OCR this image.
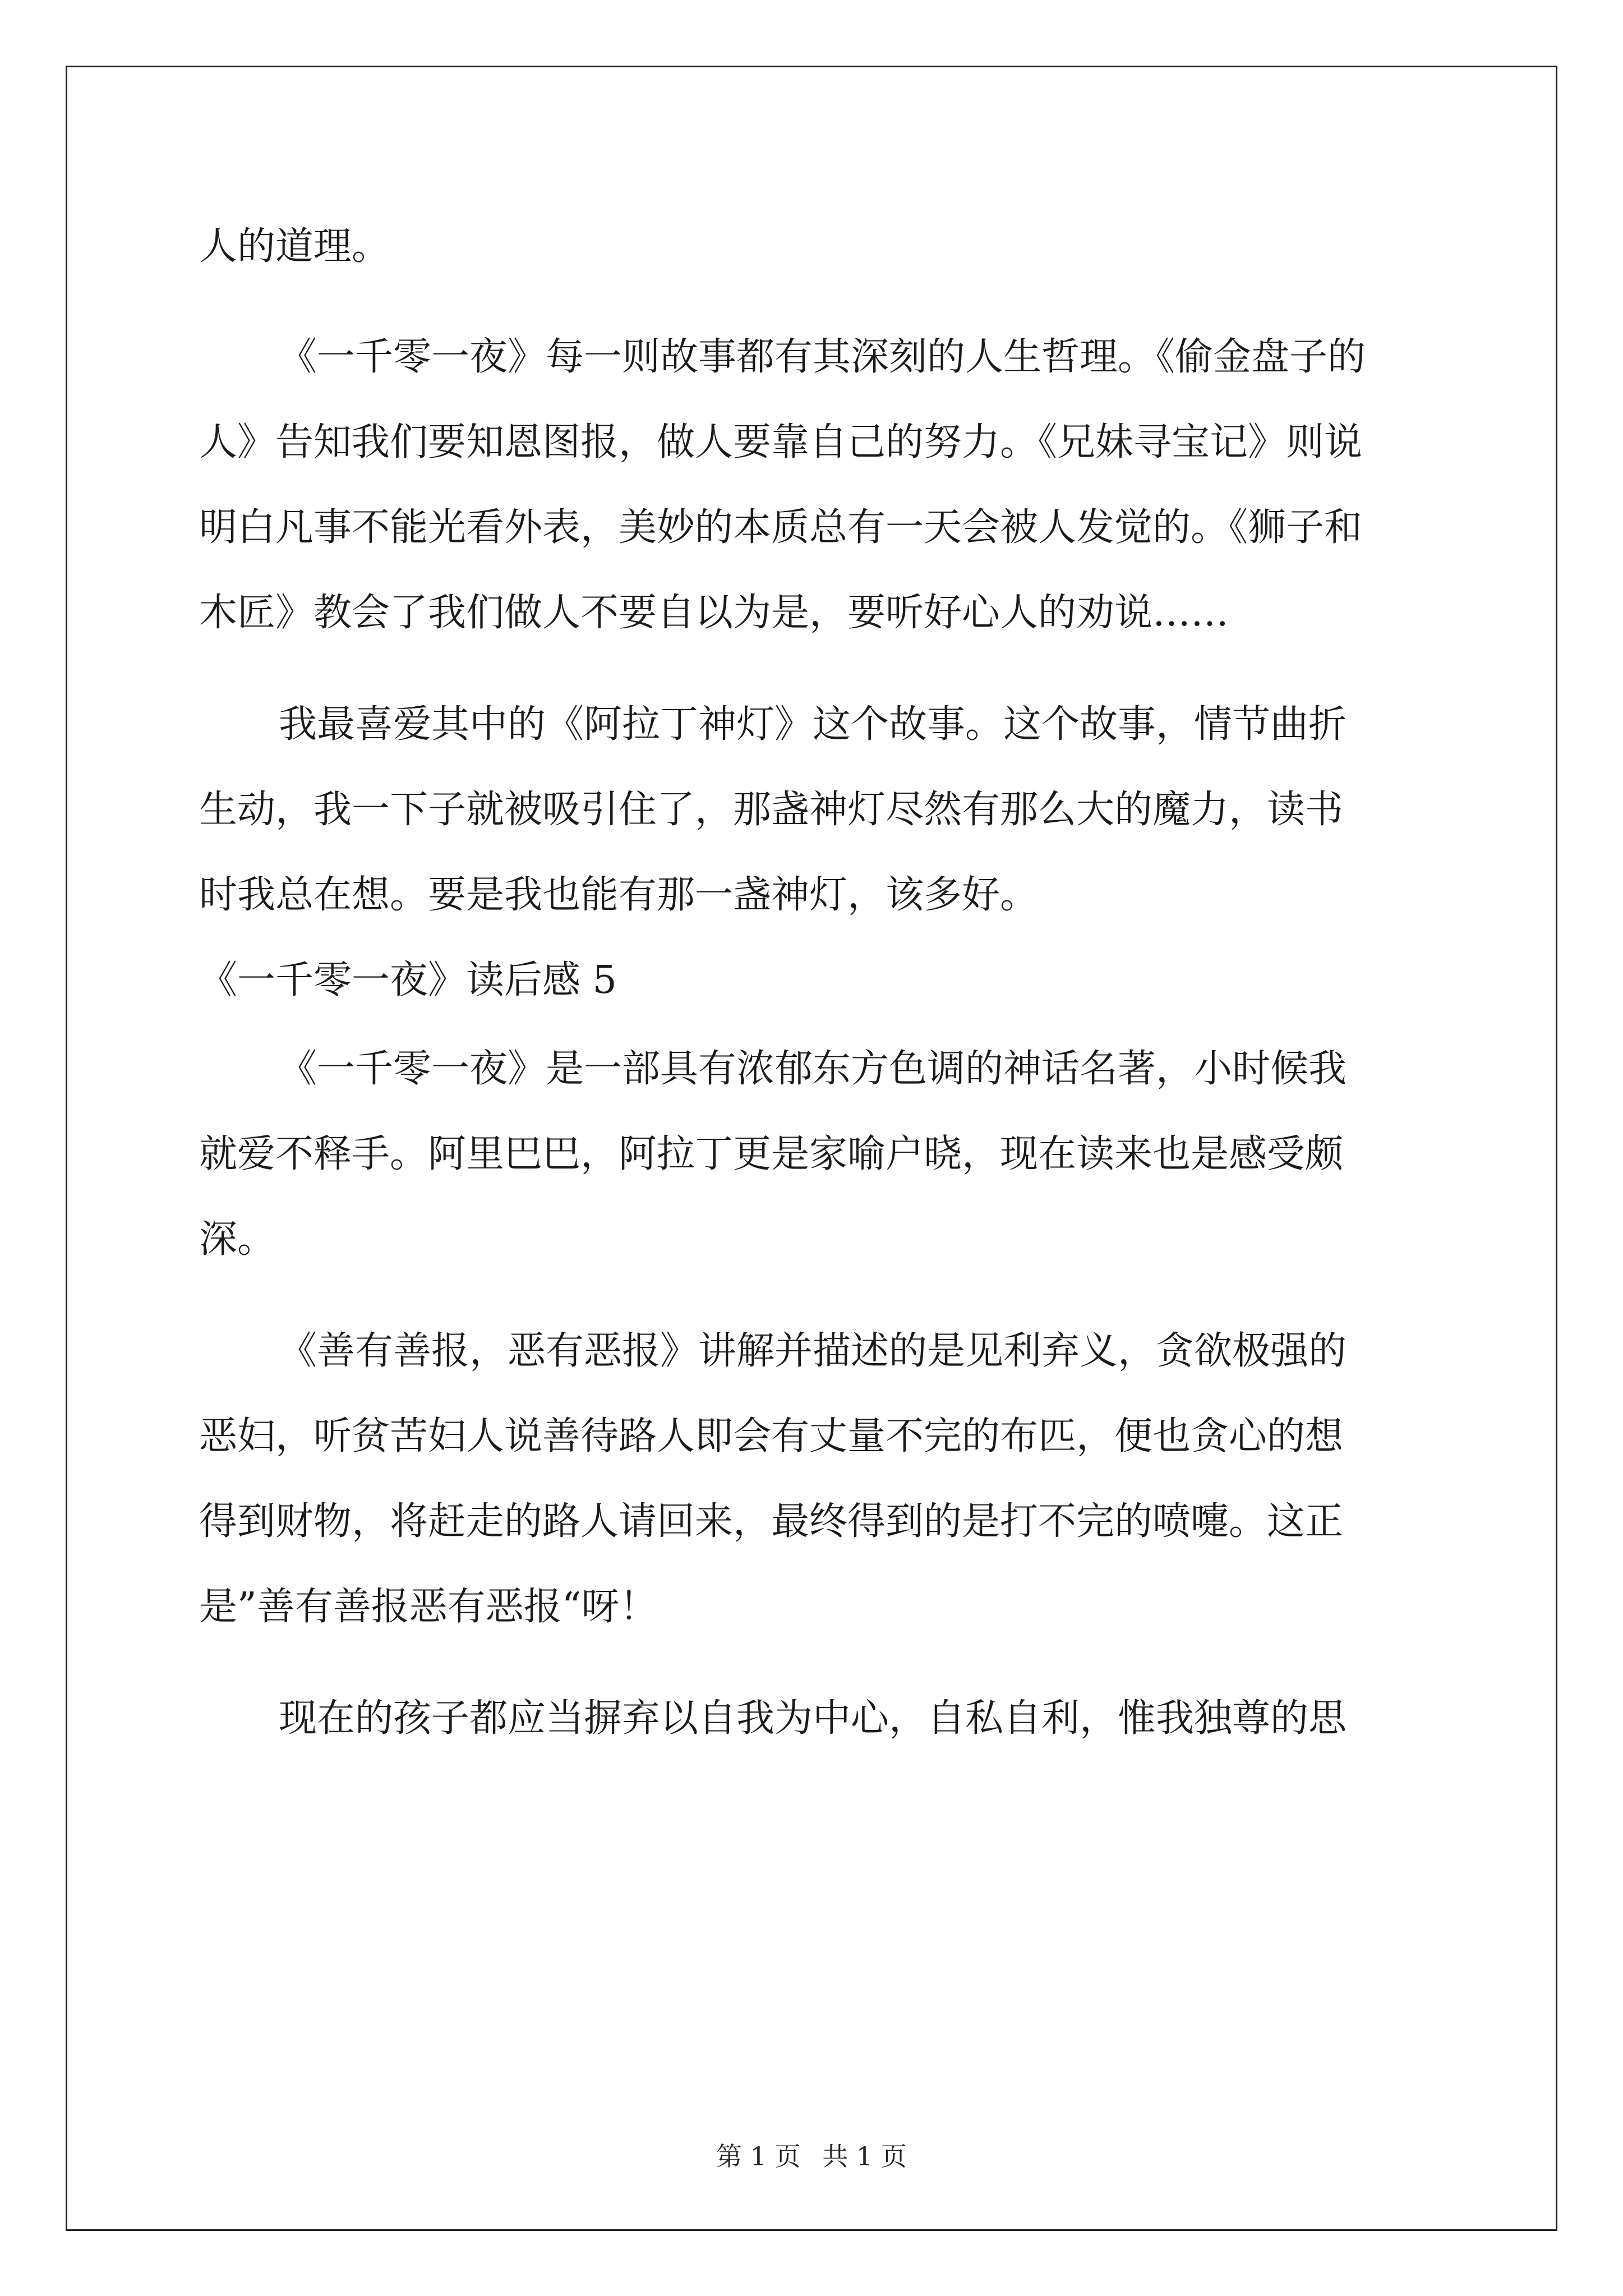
人的道理。
《一千零一夜》每一则故事都有其深刻的人生哲理。《偷金盘子的
人》告知我们要知恩图报，做人要靠自己的努力。《兄妹寻宝记》则说
明白凡事不能光看外表，美妙的本质总有一天会被人发觉的。《狮子和
木匠》教会了我们做人不要自以为是，要听好心人的劝说……
我最喜爱其中的《阿拉丁神灯》这个故事。这个故事，情节曲折
生动，我一下子就被吸引住了，那盏神灯尽然有那么大的魔力，读书
时我总在想。要是我也能有那一盏神灯，该多好。
《一千零一夜》读后感 5
《一千零一夜》是一部具有浓郁东方色调的神话名著，小时候我
就爱不释手。阿里巴巴，阿拉丁更是家喻户晓，现在读来也是感受颇
深。
《善有善报，恶有恶报》讲解并描述的是见利弃义，贪欲极强的
恶妇，听贫苦妇人说善待路人即会有丈量不完的布匹，便也贪心的想
得到财物，将赶走的路人请回来，最终得到的是打不完的喷嚏。这正
是”善有善报恶有恶报“呀！
现在的孩子都应当摒弃以自我为中心，自私自利，惟我独尊的思
第 1 页 共 1 页
